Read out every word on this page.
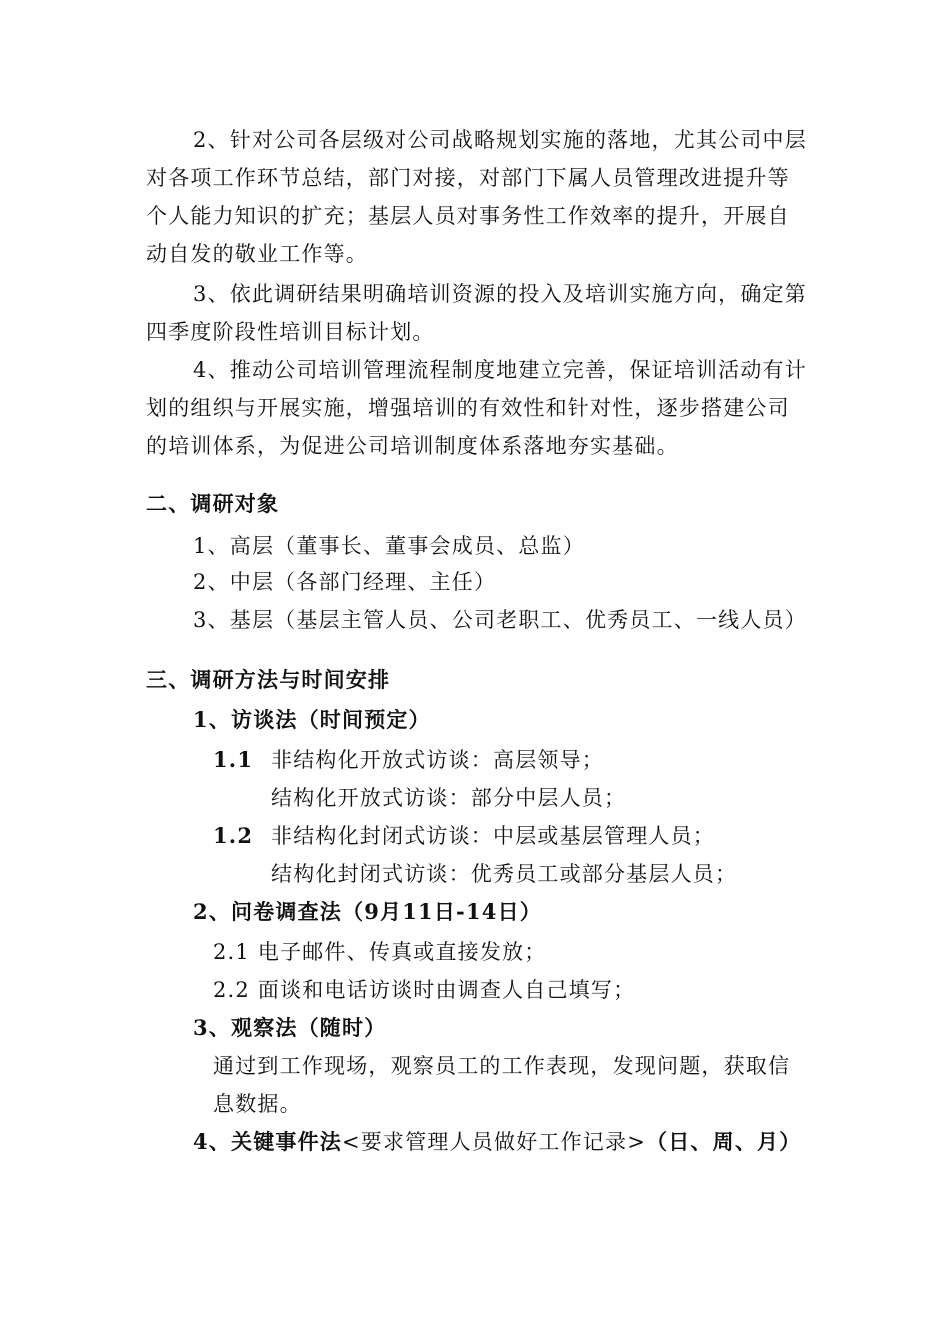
2、针对公司各层级对公司战略规划实施的落地，尤其公司中层
对各项工作环节总结，部门对接，对部门下属人员管理改进提升等
个人能力知识的扩充；基层人员对事务性工作效率的提升，开展自
动自发的敬业工作等。
3、依此调研结果明确培训资源的投入及培训实施方向，确定第
四季度阶段性培训目标计划。
4、推动公司培训管理流程制度地建立完善，保证培训活动有计
划的组织与开展实施，增强培训的有效性和针对性，逐步搭建公司
的培训体系，为促进公司培训制度体系落地夯实基础。
二、调研对象
1、高层（董事长、董事会成员、总监）
2、中层（各部门经理、主任）
3、基层（基层主管人员、公司老职工、优秀员工、一线人员）
三、调研方法与时间安排
1、访谈法（时间预定）
1.1 非结构化开放式访谈：高层领导；
结构化开放式访谈：部分中层人员；
1.2 非结构化封闭式访谈：中层或基层管理人员；
结构化封闭式访谈：优秀员工或部分基层人员；
2、问卷调查法（9月11日-14日）
2.1 电子邮件、传真或直接发放；
2.2 面谈和电话访谈时由调查人自己填写；
3、观察法（随时）
通过到工作现场，观察员工的工作表现，发现问题，获取信
息数据。
4、关键事件法<要求管理人员做好工作记录>（日、周、月）
